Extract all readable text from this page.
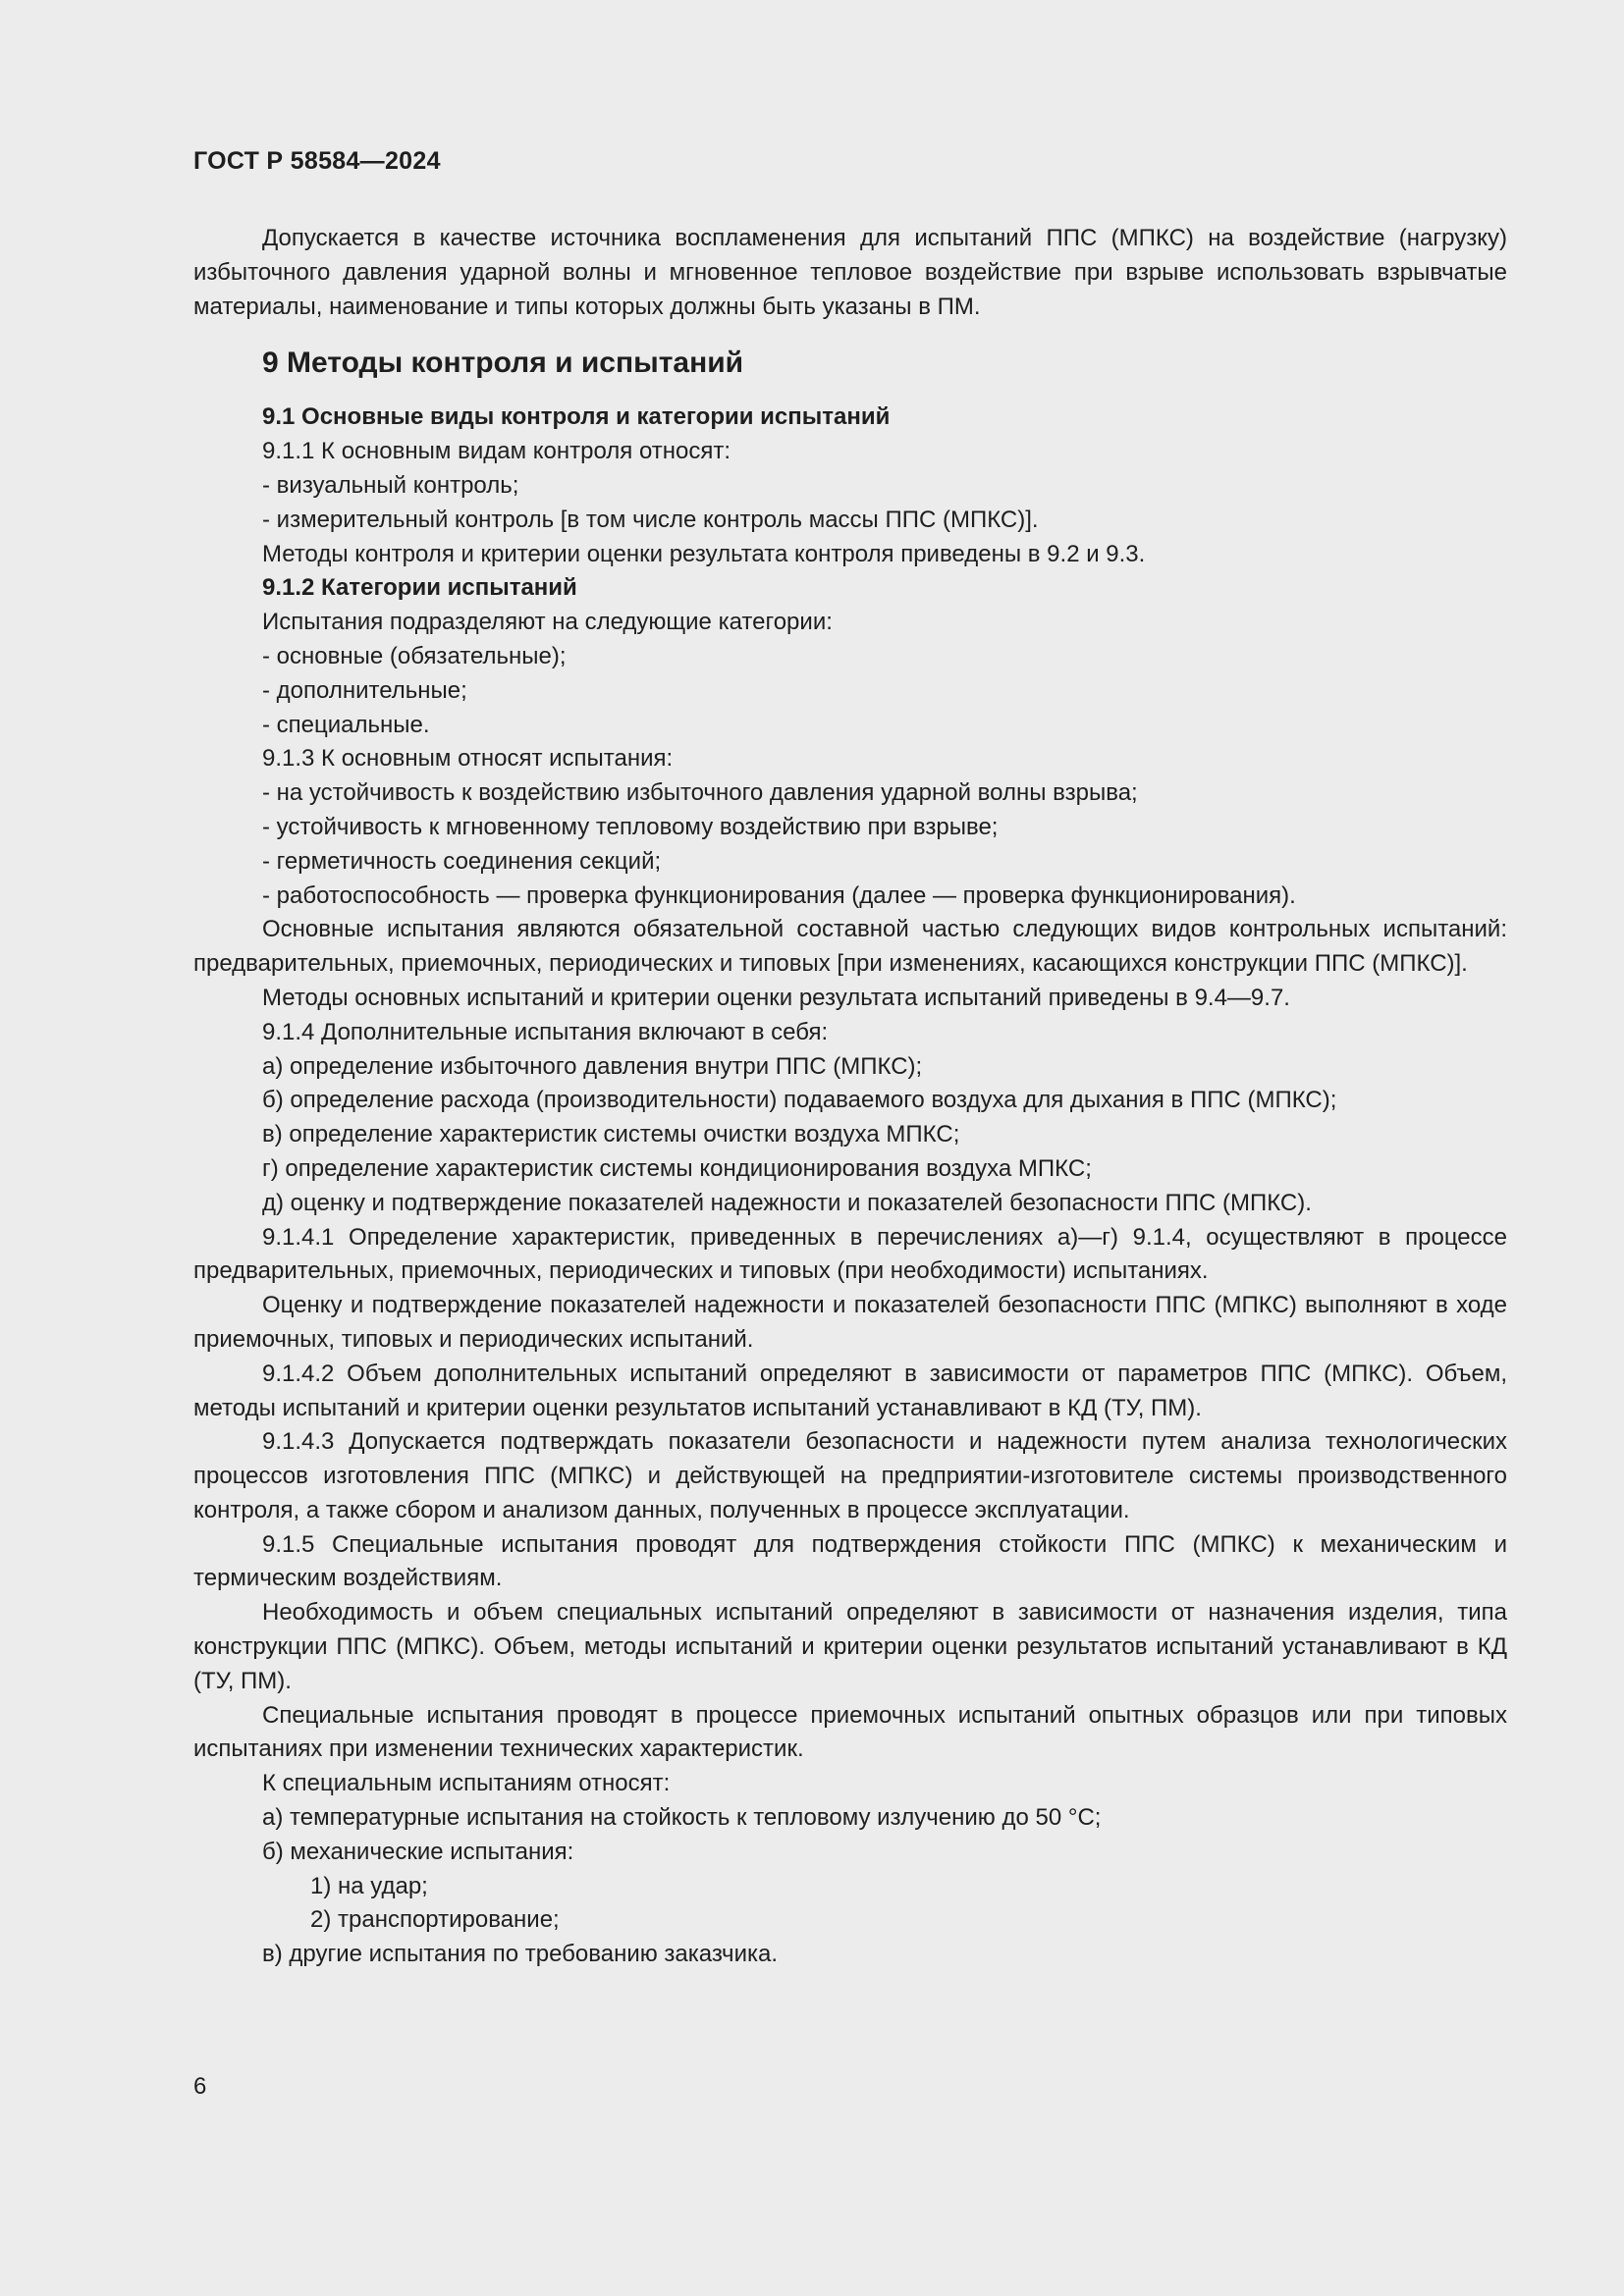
ГОСТ Р 58584—2024

Допускается в качестве источника воспламенения для испытаний ППС (МПКС) на воздействие (нагрузку) избыточного давления ударной волны и мгновенное тепловое воздействие при взрыве использовать взрывчатые материалы, наименование и типы которых должны быть указаны в ПМ.

9 Методы контроля и испытаний

9.1 Основные виды контроля и категории испытаний

9.1.1 К основным видам контроля относят:

- визуальный контроль;

- измерительный контроль [в том числе контроль массы ППС (МПКС)].

Методы контроля и критерии оценки результата контроля приведены в 9.2 и 9.3.

9.1.2 Категории испытаний

Испытания подразделяют на следующие категории:

- основные (обязательные);

- дополнительные;

- специальные.

9.1.3 К основным относят испытания:

- на устойчивость к воздействию избыточного давления ударной волны взрыва;

- устойчивость к мгновенному тепловому воздействию при взрыве;

- герметичность соединения секций;

- работоспособность — проверка функционирования (далее — проверка функционирования).

Основные испытания являются обязательной составной частью следующих видов контрольных испытаний: предварительных, приемочных, периодических и типовых [при изменениях, касающихся конструкции ППС (МПКС)].

Методы основных испытаний и критерии оценки результата испытаний приведены в 9.4—9.7.

9.1.4 Дополнительные испытания включают в себя:

а) определение избыточного давления внутри ППС (МПКС);

б) определение расхода (производительности) подаваемого воздуха для дыхания в ППС (МПКС);

в) определение характеристик системы очистки воздуха МПКС;

г) определение характеристик системы кондиционирования воздуха МПКС;

д) оценку и подтверждение показателей надежности и показателей безопасности ППС (МПКС).

9.1.4.1 Определение характеристик, приведенных в перечислениях а)—г) 9.1.4, осуществляют в процессе предварительных, приемочных, периодических и типовых (при необходимости) испытаниях.

Оценку и подтверждение показателей надежности и показателей безопасности ППС (МПКС) выполняют в ходе приемочных, типовых и периодических испытаний.

9.1.4.2 Объем дополнительных испытаний определяют в зависимости от параметров ППС (МПКС). Объем, методы испытаний и критерии оценки результатов испытаний устанавливают в КД (ТУ, ПМ).

9.1.4.3 Допускается подтверждать показатели безопасности и надежности путем анализа технологических процессов изготовления ППС (МПКС) и действующей на предприятии-изготовителе системы производственного контроля, а также сбором и анализом данных, полученных в процессе эксплуатации.

9.1.5 Специальные испытания проводят для подтверждения стойкости ППС (МПКС) к механическим и термическим воздействиям.

Необходимость и объем специальных испытаний определяют в зависимости от назначения изделия, типа конструкции ППС (МПКС). Объем, методы испытаний и критерии оценки результатов испытаний устанавливают в КД (ТУ, ПМ).

Специальные испытания проводят в процессе приемочных испытаний опытных образцов или при типовых испытаниях при изменении технических характеристик.

К специальным испытаниям относят:

а) температурные испытания на стойкость к тепловому излучению до 50 °С;

б) механические испытания:

1) на удар;

2) транспортирование;

в) другие испытания по требованию заказчика.

6
